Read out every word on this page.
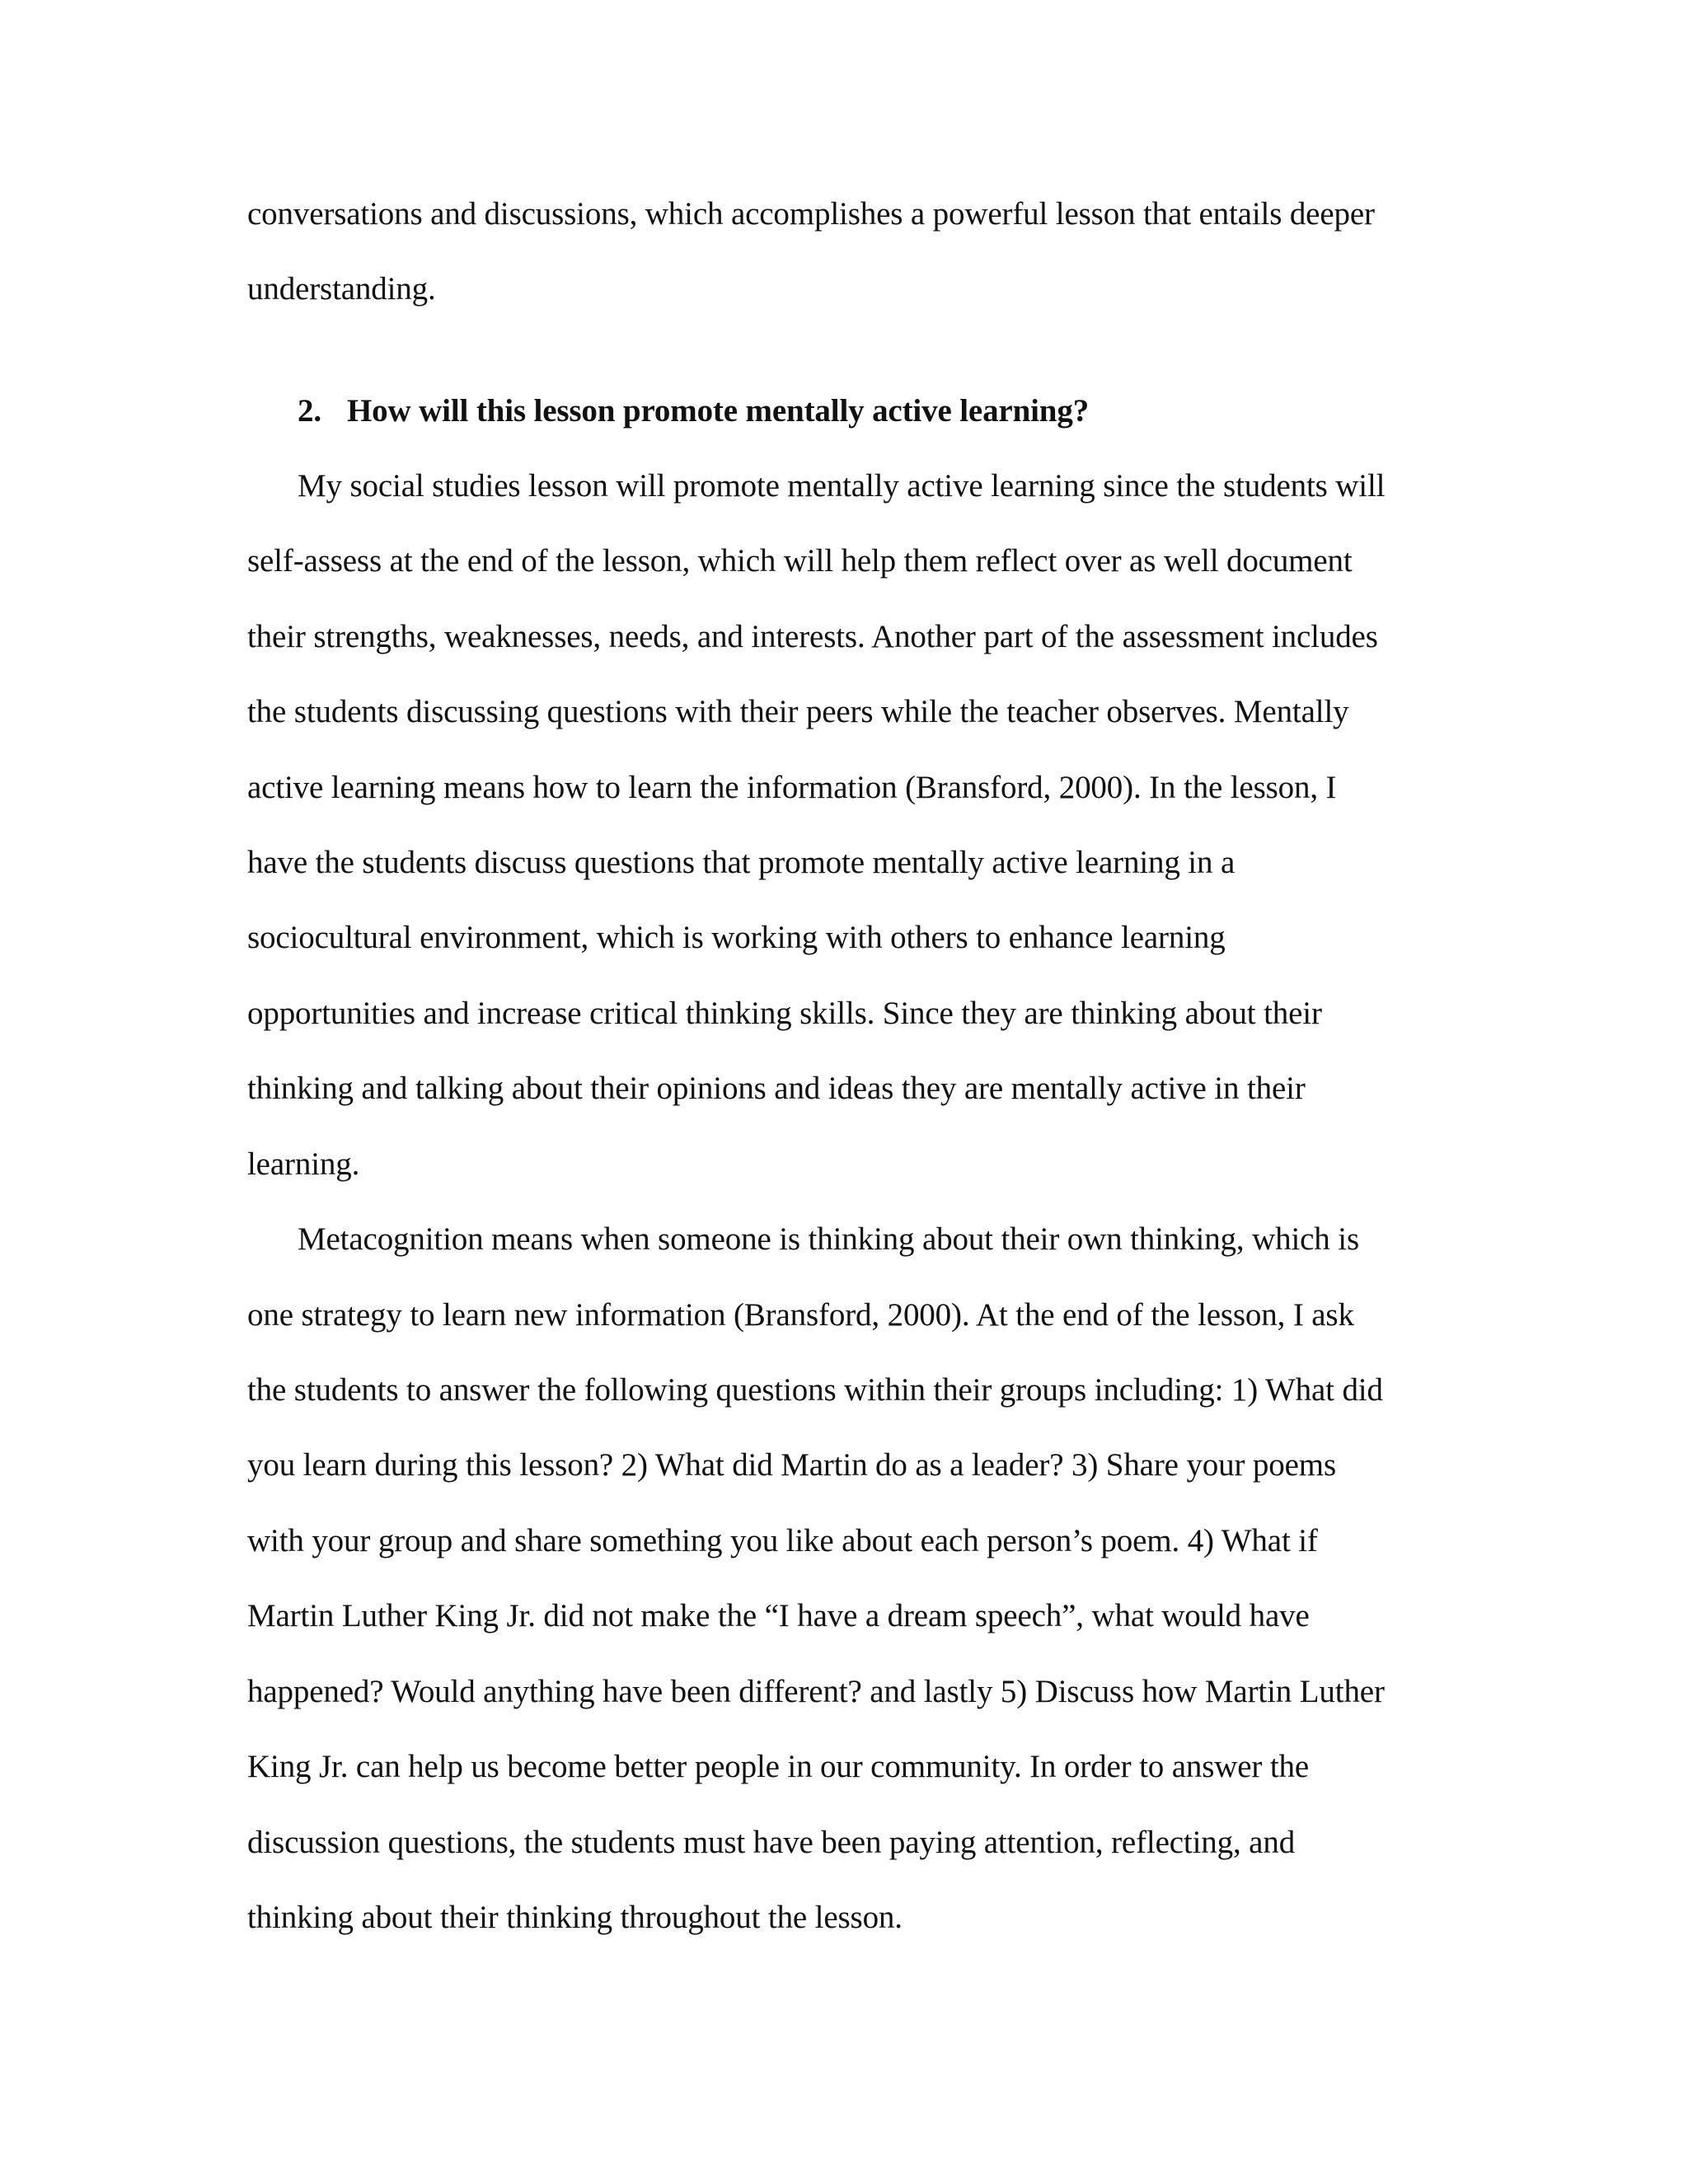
conversations and discussions, which accomplishes a powerful lesson that entails deeper

understanding.

2. How will this lesson promote mentally active learning?

My social studies lesson will promote mentally active learning since the students will

self-assess at the end of the lesson, which will help them reflect over as well document

their strengths, weaknesses, needs, and interests. Another part of the assessment includes

the students discussing questions with their peers while the teacher observes. Mentally

active learning means how to learn the information (Bransford, 2000). In the lesson, I

have the students discuss questions that promote mentally active learning in a

sociocultural environment, which is working with others to enhance learning

opportunities and increase critical thinking skills. Since they are thinking about their

thinking and talking about their opinions and ideas they are mentally active in their

learning.

Metacognition means when someone is thinking about their own thinking, which is

one strategy to learn new information (Bransford, 2000). At the end of the lesson, I ask

the students to answer the following questions within their groups including: 1) What did

you learn during this lesson? 2) What did Martin do as a leader? 3) Share your poems

with your group and share something you like about each person’s poem. 4) What if

Martin Luther King Jr. did not make the “I have a dream speech”, what would have

happened? Would anything have been different? and lastly 5) Discuss how Martin Luther

King Jr. can help us become better people in our community. In order to answer the

discussion questions, the students must have been paying attention, reflecting, and

thinking about their thinking throughout the lesson.
